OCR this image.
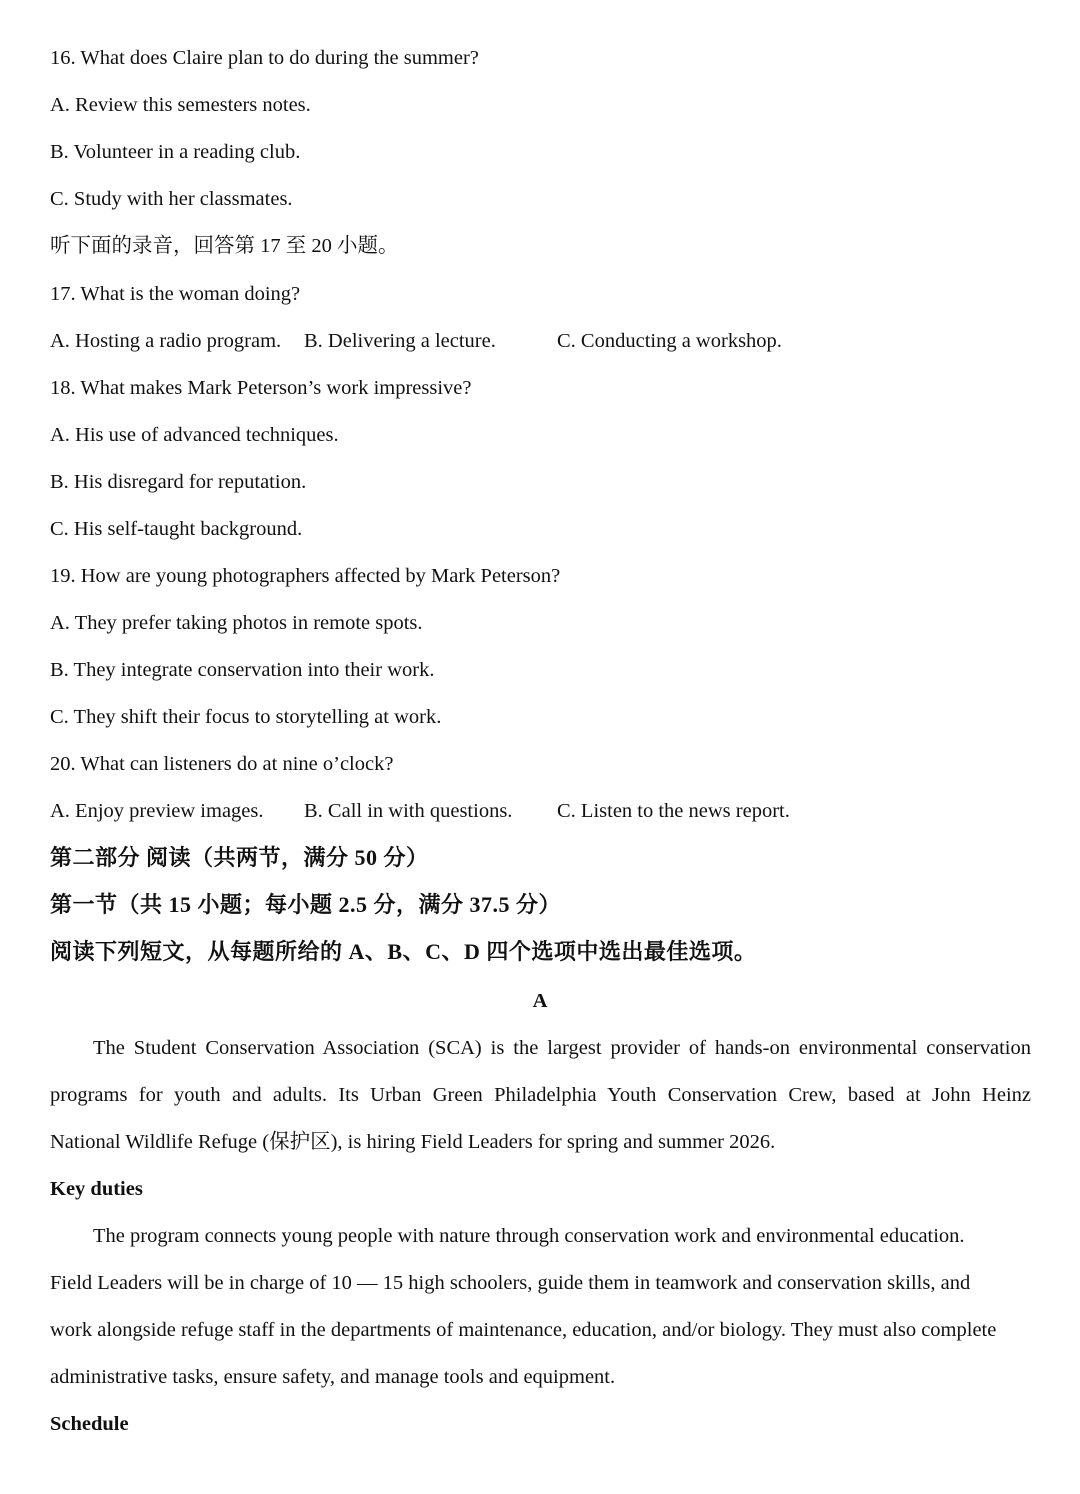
16. What does Claire plan to do during the summer?
A. Review this semesters notes.
B. Volunteer in a reading club.
C. Study with her classmates.
听下面的录音，回答第 17 至 20 小题。
17. What is the woman doing?
A. Hosting a radio program. B. Delivering a lecture.	C. Conducting a workshop.
18. What makes Mark Peterson’s work impressive?
A. His use of advanced techniques.
B. His disregard for reputation.
C. His self-taught background.
19. How are young photographers affected by Mark Peterson?
A. They prefer taking photos in remote spots.
B. They integrate conservation into their work.
C. They shift their focus to storytelling at work.
20. What can listeners do at nine o’clock?
A. Enjoy preview images. B. Call in with questions. C. Listen to the news report.
第二部分 阅读（共两节，满分 50 分）
第一节（共 15 小题；每小题 2.5 分，满分 37.5 分）
阅读下列短文，从每题所给的 A、B、C、D 四个选项中选出最佳选项。
A
The Student Conservation Association (SCA) is the largest provider of hands-on environmental conservation
programs for youth and adults. Its Urban Green Philadelphia Youth Conservation Crew, based at John Heinz
National Wildlife Refuge (保护区), is hiring Field Leaders for spring and summer 2026.
Key duties
The program connects young people with nature through conservation work and environmental education.
Field Leaders will be in charge of 10 — 15 high schoolers, guide them in teamwork and conservation skills, and
work alongside refuge staff in the departments of maintenance, education, and/or biology. They must also complete
administrative tasks, ensure safety, and manage tools and equipment.
Schedule
